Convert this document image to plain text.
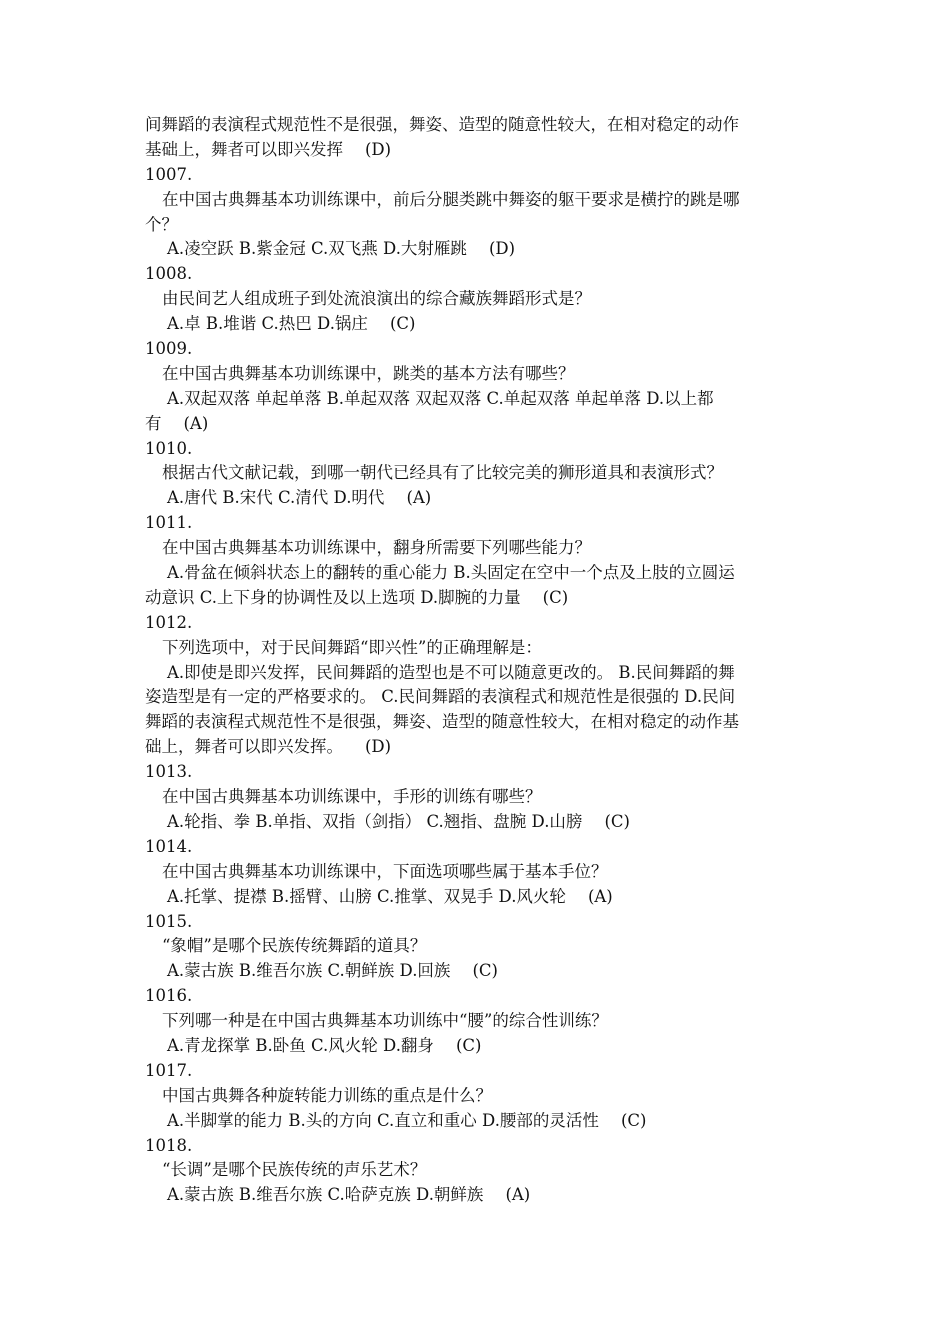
间舞蹈的表演程式规范性不是很强，舞姿、造型的随意性较大，在相对稳定的动作
基础上，舞者可以即兴发挥 (D)
1007.
在中国古典舞基本功训练课中，前后分腿类跳中舞姿的躯干要求是横拧的跳是哪
个？
A.凌空跃 B.紫金冠 C.双飞燕 D.大射雁跳 (D)
1008.
由民间艺人组成班子到处流浪演出的综合藏族舞蹈形式是？
A.卓 B.堆谐 C.热巴 D.锅庄 (C)
1009.
在中国古典舞基本功训练课中，跳类的基本方法有哪些？
A.双起双落 单起单落 B.单起双落 双起双落 C.单起双落 单起单落 D.以上都
有 (A)
1010.
根据古代文献记载，到哪一朝代已经具有了比较完美的狮形道具和表演形式？
A.唐代 B.宋代 C.清代 D.明代 (A)
1011.
在中国古典舞基本功训练课中，翻身所需要下列哪些能力？
A.骨盆在倾斜状态上的翻转的重心能力 B.头固定在空中一个点及上肢的立圆运
动意识 C.上下身的协调性及以上选项 D.脚腕的力量 (C)
1012.
下列选项中，对于民间舞蹈“即兴性”的正确理解是：
A.即使是即兴发挥，民间舞蹈的造型也是不可以随意更改的。 B.民间舞蹈的舞
姿造型是有一定的严格要求的。 C.民间舞蹈的表演程式和规范性是很强的 D.民间
舞蹈的表演程式规范性不是很强，舞姿、造型的随意性较大，在相对稳定的动作基
础上，舞者可以即兴发挥。 (D)
1013.
在中国古典舞基本功训练课中，手形的训练有哪些？
A.轮指、拳 B.单指、双指（剑指） C.翘指、盘腕 D.山膀 (C)
1014.
在中国古典舞基本功训练课中，下面选项哪些属于基本手位？
A.托掌、提襟 B.摇臂、山膀 C.推掌、双晃手 D.风火轮 (A)
1015.
“象帽”是哪个民族传统舞蹈的道具？
A.蒙古族 B.维吾尔族 C.朝鲜族 D.回族 (C)
1016.
下列哪一种是在中国古典舞基本功训练中“腰”的综合性训练？
A.青龙探掌 B.卧鱼 C.风火轮 D.翻身 (C)
1017.
中国古典舞各种旋转能力训练的重点是什么？
A.半脚掌的能力 B.头的方向 C.直立和重心 D.腰部的灵活性 (C)
1018.
“长调”是哪个民族传统的声乐艺术？
A.蒙古族 B.维吾尔族 C.哈萨克族 D.朝鲜族 (A)
